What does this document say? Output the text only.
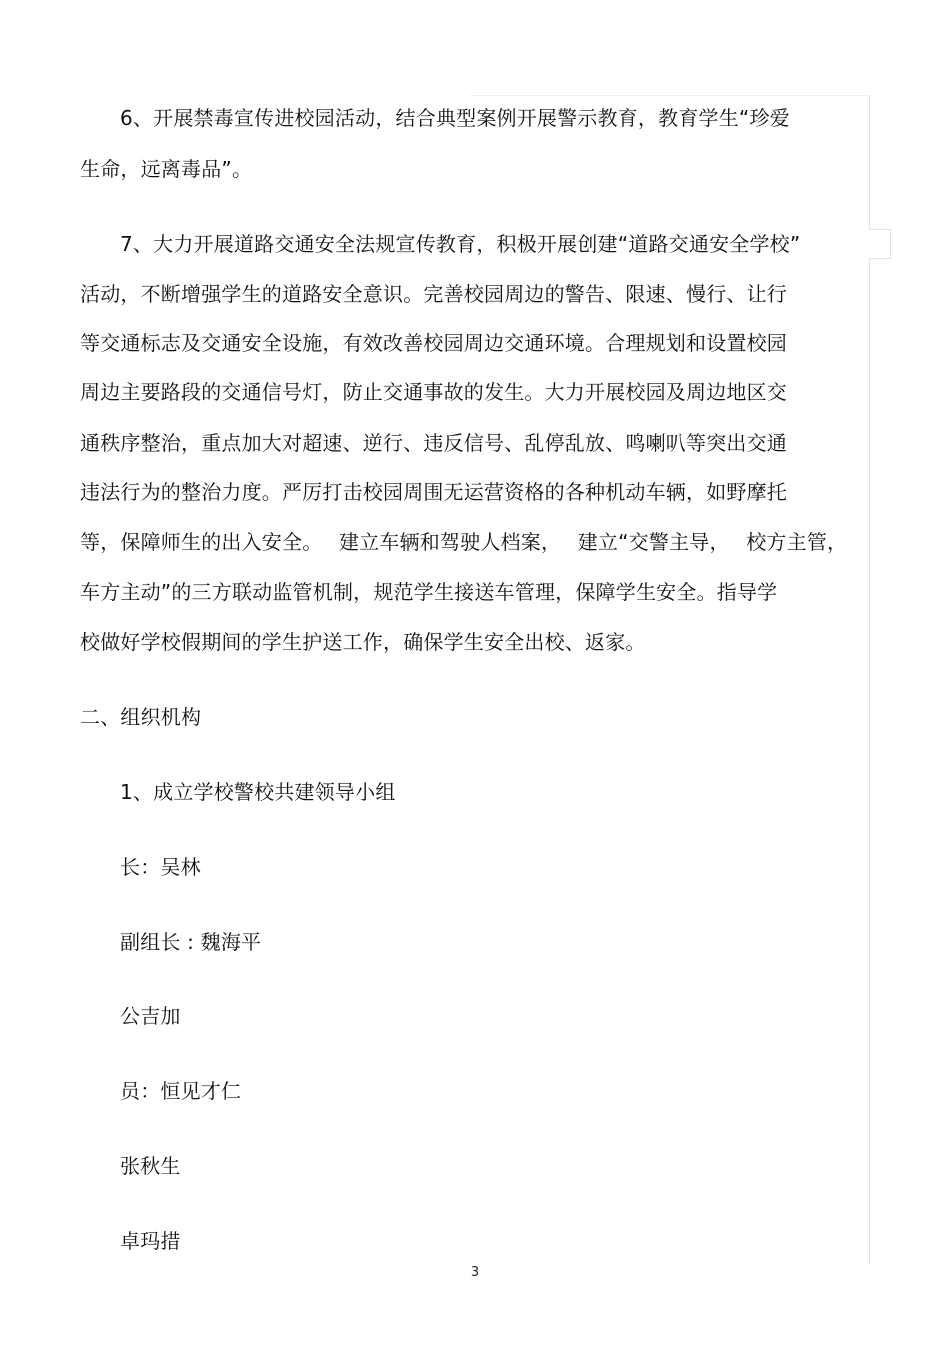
6、开展禁毒宣传进校园活动，结合典型案例开展警示教育，教育学生“珍爱
生命，远离毒品”。
7、大力开展道路交通安全法规宣传教育，积极开展创建“道路交通安全学校”
活动，不断增强学生的道路安全意识。完善校园周边的警告、限速、慢行、让行
等交通标志及交通安全设施，有效改善校园周边交通环境。合理规划和设置校园
周边主要路段的交通信号灯，防止交通事故的发生。大力开展校园及周边地区交
通秩序整治，重点加大对超速、逆行、违反信号、乱停乱放、鸣喇叭等突出交通
违法行为的整治力度。严厉打击校园周围无运营资格的各种机动车辆，如野摩托
等，保障师生的出入安全。 建立车辆和驾驶人档案， 建立“交警主导， 校方主管，
车方主动”的三方联动监管机制，规范学生接送车管理，保障学生安全。指导学
校做好学校假期间的学生护送工作，确保学生安全出校、返家。
二、组织机构
1、成立学校警校共建领导小组
长：吴林
副组长 : 魏海平
公吉加
员：恒见才仁
张秋生
卓玛措
3
